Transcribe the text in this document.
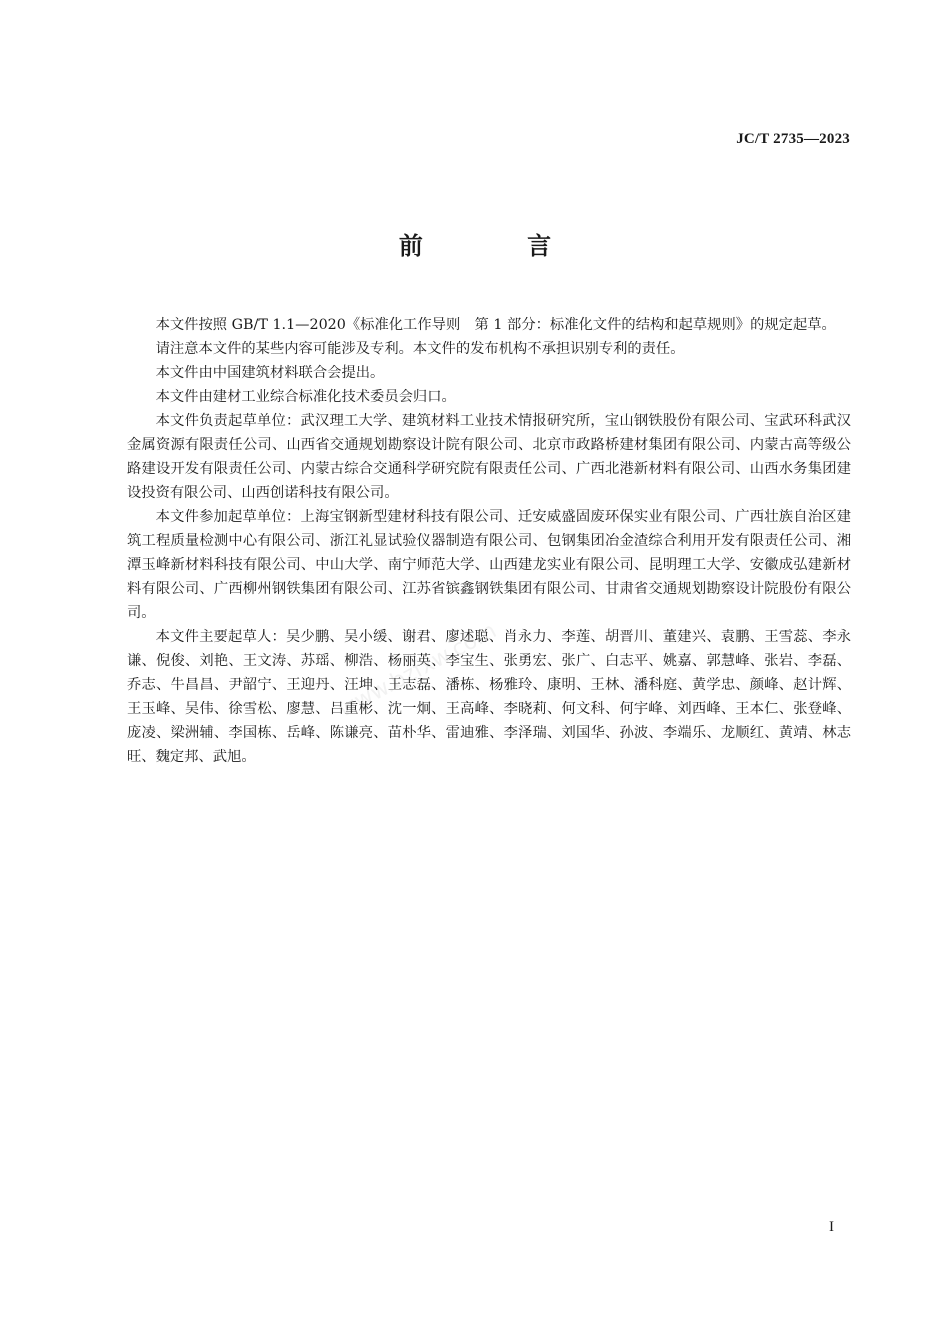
JC/T 2735—2023
前 言

本文件按照 GB/T 1.1—2020《标准化工作导则　第 1 部分：标准化文件的结构和起草规则》的规定起草。

请注意本文件的某些内容可能涉及专利。本文件的发布机构不承担识别专利的责任。

本文件由中国建筑材料联合会提出。

本文件由建材工业综合标准化技术委员会归口。

本文件负责起草单位：武汉理工大学、建筑材料工业技术情报研究所，宝山钢铁股份有限公司、宝武环科武汉金属资源有限责任公司、山西省交通规划勘察设计院有限公司、北京市政路桥建材集团有限公司、内蒙古高等级公路建设开发有限责任公司、内蒙古综合交通科学研究院有限责任公司、广西北港新材料有限公司、山西水务集团建设投资有限公司、山西创诺科技有限公司。

本文件参加起草单位：上海宝钢新型建材科技有限公司、迁安威盛固废环保实业有限公司、广西壮族自治区建筑工程质量检测中心有限公司、浙江礼显试验仪器制造有限公司、包钢集团冶金渣综合利用开发有限责任公司、湘潭玉峰新材料科技有限公司、中山大学、南宁师范大学、山西建龙实业有限公司、昆明理工大学、安徽成弘建新材料有限公司、广西柳州钢铁集团有限公司、江苏省镔鑫钢铁集团有限公司、甘肃省交通规划勘察设计院股份有限公司。

本文件主要起草人：吴少鹏、吴小缓、谢君、廖述聪、肖永力、李莲、胡晋川、董建兴、袁鹏、王雪蕊、李永谦、倪俊、刘艳、王文涛、苏瑶、柳浩、杨丽英、李宝生、张勇宏、张广、白志平、姚嘉、郭慧峰、张岩、李磊、乔志、牛昌昌、尹韶宁、王迎丹、汪坤、王志磊、潘栋、杨雅玲、康明、王林、潘科庭、黄学忠、颜峰、赵计辉、王玉峰、吴伟、徐雪松、廖慧、吕重彬、沈一炯、王高峰、李晓莉、何文科、何宇峰、刘西峰、王本仁、张登峰、庞凌、梁洲辅、李国栋、岳峰、陈谦亮、苗朴华、雷迪雅、李泽瑞、刘国华、孙波、李端乐、龙顺红、黄靖、林志旺、魏定邦、武旭。

www.bzfxw.com
I
